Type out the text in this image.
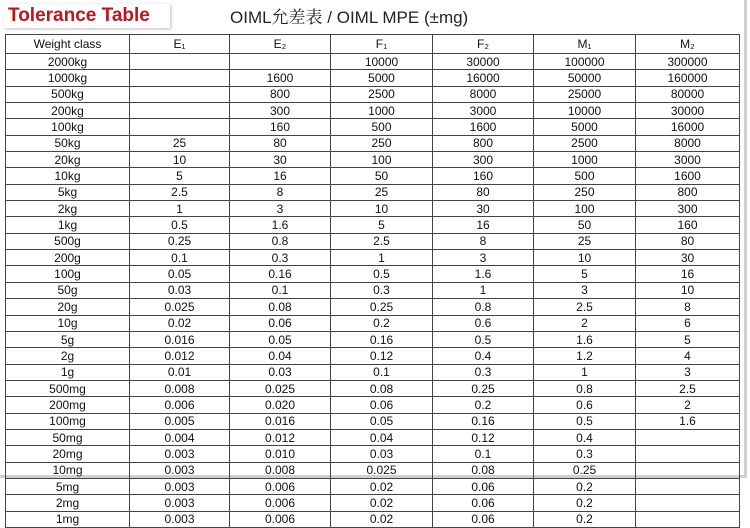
Tolerance Table	OIML允差表 / OIML MPE (±mg)
Weight class	E₁	E₂	F₁	F₂	M₁	M₂
2000kg			10000	30000	100000	300000
1000kg		1600	5000	16000	50000	160000
500kg		800	2500	8000	25000	80000
200kg		300	1000	3000	10000	30000
100kg		160	500	1600	5000	16000
50kg	25	80	250	800	2500	8000
20kg	10	30	100	300	1000	3000
10kg	5	16	50	160	500	1600
5kg	2.5	8	25	80	250	800
2kg	1	3	10	30	100	300
1kg	0.5	1.6	5	16	50	160
500g	0.25	0.8	2.5	8	25	80
200g	0.1	0.3	1	3	10	30
100g	0.05	0.16	0.5	1.6	5	16
50g	0.03	0.1	0.3	1	3	10
20g	0.025	0.08	0.25	0.8	2.5	8
10g	0.02	0.06	0.2	0.6	2	6
5g	0.016	0.05	0.16	0.5	1.6	5
2g	0.012	0.04	0.12	0.4	1.2	4
1g	0.01	0.03	0.1	0.3	1	3
500mg	0.008	0.025	0.08	0.25	0.8	2.5
200mg	0.006	0.020	0.06	0.2	0.6	2
100mg	0.005	0.016	0.05	0.16	0.5	1.6
50mg	0.004	0.012	0.04	0.12	0.4	
20mg	0.003	0.010	0.03	0.1	0.3	
10mg	0.003	0.008	0.025	0.08	0.25	
5mg	0.003	0.006	0.02	0.06	0.2	
2mg	0.003	0.006	0.02	0.06	0.2	
1mg	0.003	0.006	0.02	0.06	0.2	
